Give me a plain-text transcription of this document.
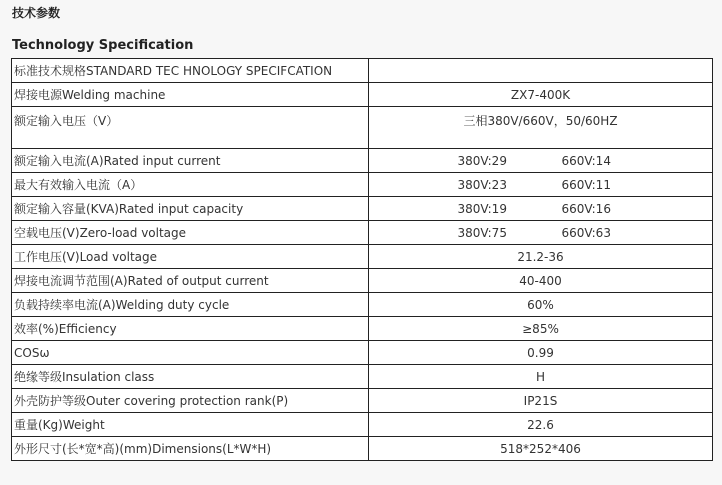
技术参数
Technology Specification
标准技术规格STANDARD TEC HNOLOGY SPECIFCATION	
焊接电源Welding machine	ZX7-400K
额定输入电压（V）	三相380V/660V，50/60HZ
额定输入电流(A)Rated input current	380V:29 660V:14
最大有效输入电流（A）	380V:23 660V:11
额定输入容量(KVA)Rated input capacity	380V:19 660V:16
空载电压(V)Zero-load voltage	380V:75 660V:63
工作电压(V)Load voltage	21.2-36
焊接电流调节范围(A)Rated of output current	40-400
负载持续率电流(A)Welding duty cycle	60%
效率(%)Efficiency	≥85%
COSω	0.99
绝缘等级Insulation class	H
外壳防护等级Outer covering protection rank(P)	IP21S
重量(Kg)Weight	22.6
外形尺寸(长*宽*高)(mm)Dimensions(L*W*H)	518*252*406
